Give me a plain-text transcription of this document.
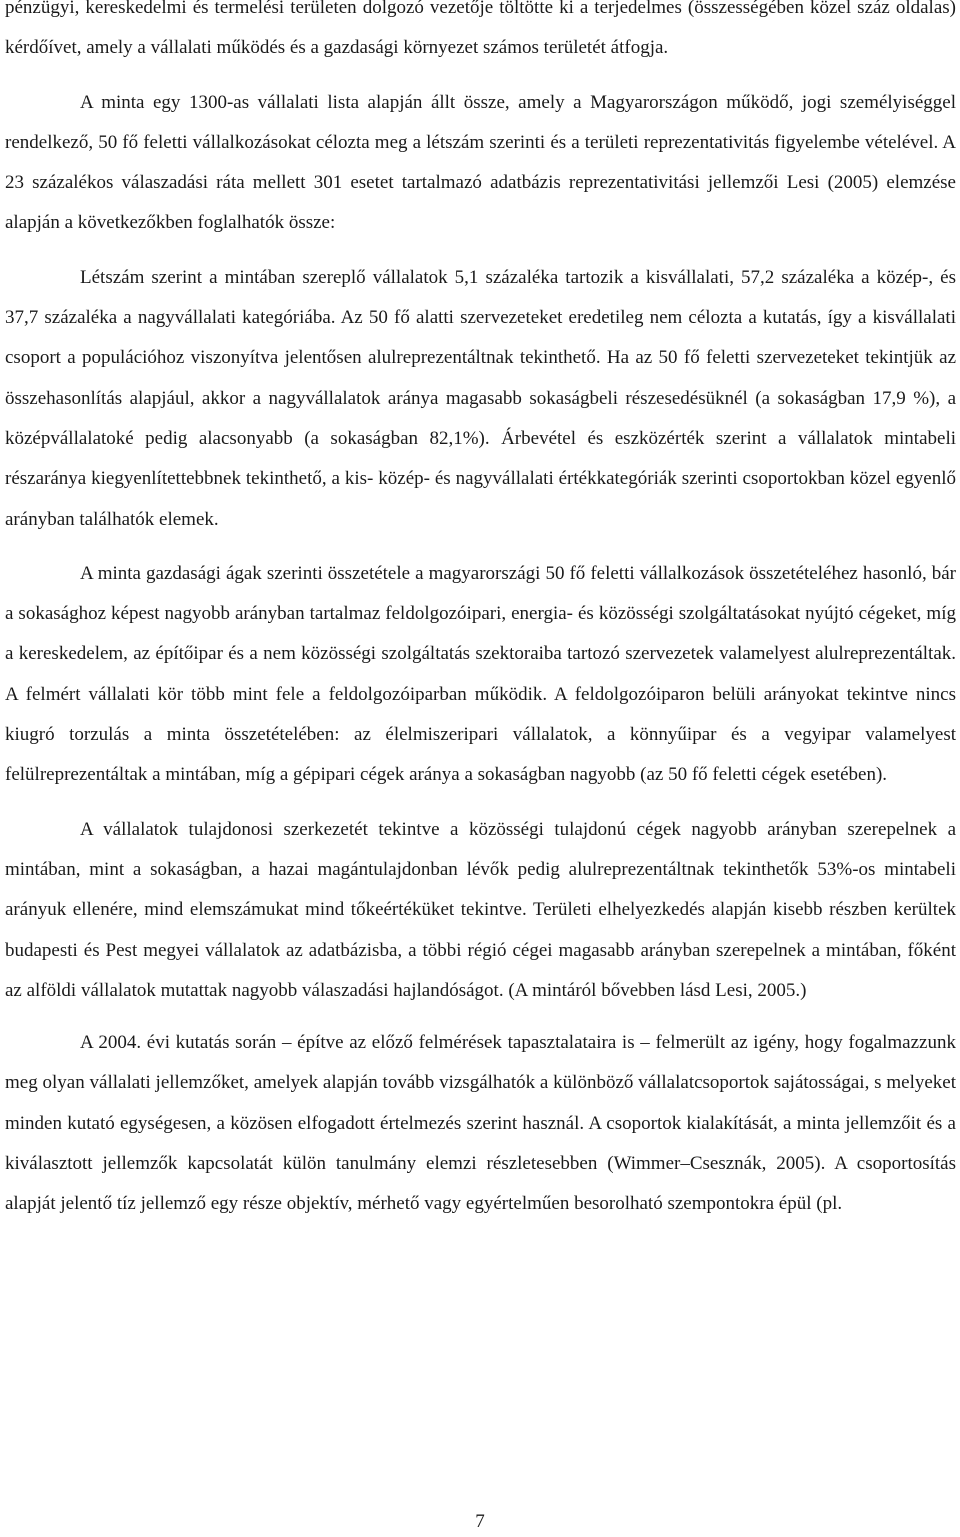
pénzügyi, kereskedelmi és termelési területen dolgozó vezetője töltötte ki a terjedelmes (összességében közel száz oldalas) kérdőívet, amely a vállalati működés és a gazdasági környezet számos területét átfogja.

A minta egy 1300-as vállalati lista alapján állt össze, amely a Magyarországon működő, jogi személyiséggel rendelkező, 50 fő feletti vállalkozásokat célozta meg a létszám szerinti és a területi reprezentativitás figyelembe vételével. A 23 százalékos válaszadási ráta mellett 301 esetet tartalmazó adatbázis reprezentativitási jellemzői Lesi (2005) elemzése alapján a következőkben foglalhatók össze:

Létszám szerint a mintában szereplő vállalatok 5,1 százaléka tartozik a kisvállalati, 57,2 százaléka a közép-, és 37,7 százaléka a nagyvállalati kategóriába. Az 50 fő alatti szervezeteket eredetileg nem célozta a kutatás, így a kisvállalati csoport a populációhoz viszonyítva jelentősen alulreprezentáltnak tekinthető. Ha az 50 fő feletti szervezeteket tekintjük az összehasonlítás alapjául, akkor a nagyvállalatok aránya magasabb sokaságbeli részesedésüknél (a sokaságban 17,9 %), a középvállalatoké pedig alacsonyabb (a sokaságban 82,1%). Árbevétel és eszközérték szerint a vállalatok mintabeli részaránya kiegyenlítettebbnek tekinthető, a kis- közép- és nagyvállalati értékkategóriák szerinti csoportokban közel egyenlő arányban találhatók elemek.

A minta gazdasági ágak szerinti összetétele a magyarországi 50 fő feletti vállalkozások összetételéhez hasonló, bár a sokasághoz képest nagyobb arányban tartalmaz feldolgozóipari, energia- és közösségi szolgáltatásokat nyújtó cégeket, míg a kereskedelem, az építőipar és a nem közösségi szolgáltatás szektoraiba tartozó szervezetek valamelyest alulreprezentáltak. A felmért vállalati kör több mint fele a feldolgozóiparban működik. A feldolgozóiparon belüli arányokat tekintve nincs kiugró torzulás a minta összetételében: az élelmiszeripari vállalatok, a könnyűipar és a vegyipar valamelyest felülreprezentáltak a mintában, míg a gépipari cégek aránya a sokaságban nagyobb (az 50 fő feletti cégek esetében).

A vállalatok tulajdonosi szerkezetét tekintve a közösségi tulajdonú cégek nagyobb arányban szerepelnek a mintában, mint a sokaságban, a hazai magántulajdonban lévők pedig alulreprezentáltnak tekinthetők 53%-os mintabeli arányuk ellenére, mind elemszámukat mind tőkeértéküket tekintve. Területi elhelyezkedés alapján kisebb részben kerültek budapesti és Pest megyei vállalatok az adatbázisba, a többi régió cégei magasabb arányban szerepelnek a mintában, főként az alföldi vállalatok mutattak nagyobb válaszadási hajlandóságot. (A mintáról bővebben lásd Lesi, 2005.)

A 2004. évi kutatás során – építve az előző felmérések tapasztalataira is – felmerült az igény, hogy fogalmazzunk meg olyan vállalati jellemzőket, amelyek alapján tovább vizsgálhatók a különböző vállalatcsoportok sajátosságai, s melyeket minden kutató egységesen, a közösen elfogadott értelmezés szerint használ. A csoportok kialakítását, a minta jellemzőit és a kiválasztott jellemzők kapcsolatát külön tanulmány elemzi részletesebben (Wimmer–Csesznák, 2005). A csoportosítás alapját jelentő tíz jellemző egy része objektív, mérhető vagy egyértelműen besorolható szempontokra épül (pl.

7
